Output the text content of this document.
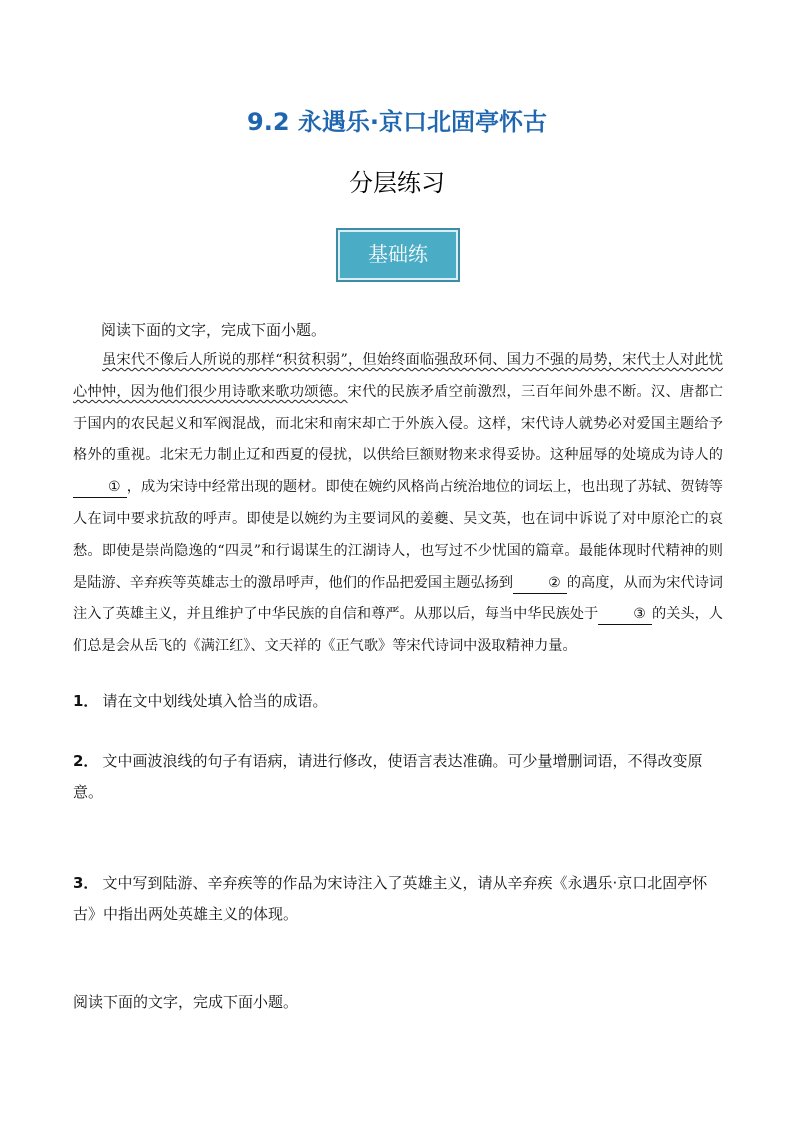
9.2 永遇乐·京口北固亭怀古
分层练习
基础练
阅读下面的文字，完成下面小题。

虽宋代不像后人所说的那样“积贫积弱”，但始终面临强敌环伺、国力不强的局势，宋代士人对此忧心忡忡，因为他们很少用诗歌来歌功颂德。宋代的民族矛盾空前激烈，三百年间外患不断。汉、唐都亡于国内的农民起义和军阀混战，而北宋和南宋却亡于外族入侵。这样，宋代诗人就势必对爱国主题给予格外的重视。北宋无力制止辽和西夏的侵扰，以供给巨额财物来求得妥协。这种屈辱的处境成为诗人的① ，成为宋诗中经常出现的题材。即使在婉约风格尚占统治地位的词坛上，也出现了苏轼、贺铸等人在词中要求抗敌的呼声。即使是以婉约为主要词风的姜夔、吴文英，也在词中诉说了对中原沦亡的哀愁。即使是崇尚隐逸的“四灵”和行谒谋生的江湖诗人，也写过不少忧国的篇章。最能体现时代精神的则是陆游、辛弃疾等英雄志士的激昂呼声，他们的作品把爱国主题弘扬到 ② 的高度，从而为宋代诗词注入了英雄主义，并且维护了中华民族的自信和尊严。从那以后，每当中华民族处于 ③ 的关头，人们总是会从岳飞的《满江红》、文天祥的《正气歌》等宋代诗词中汲取精神力量。

1． 请在文中划线处填入恰当的成语。
2． 文中画波浪线的句子有语病，请进行修改，使语言表达准确。可少量增删词语，不得改变原意。
3． 文中写到陆游、辛弃疾等的作品为宋诗注入了英雄主义，请从辛弃疾《永遇乐·京口北固亭怀古》中指出两处英雄主义的体现。
阅读下面的文字，完成下面小题。
